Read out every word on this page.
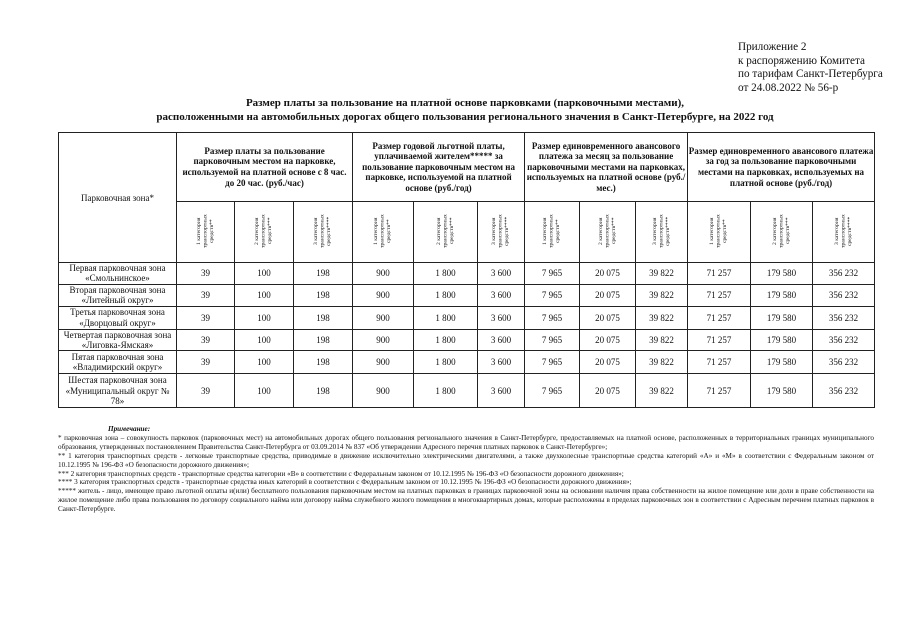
Приложение 2
к распоряжению Комитета
по тарифам Санкт-Петербурга
от 24.08.2022 № 56-р
Размер платы за пользование на платной основе парковками (парковочными местами),
расположенными на автомобильных дорогах общего пользования регионального значения в Санкт-Петербурге, на 2022 год
Парковочная зона*	Размер платы за пользование парковочным местом на парковке, используемой на платной основе с 8 час. до 20 час. (руб./час)			Размер годовой льготной платы, уплачиваемой жителем***** за пользование парковочным местом на парковке, используемой на платной основе (руб./год)			Размер единовременного авансового платежа за месяц за пользование парковочными местами на парковках, используемых на платной основе (руб./мес.)			Размер единовременного авансового платежа за год за пользование парковочными местами на парковках, используемых на платной основе (руб./год)		
	1 категория транспортных средств**	2 категория транспортных средств***	3 категория транспортных средств****	1 категория транспортных средств**	2 категория транспортных средств***	3 категория транспортных средств****	1 категория транспортных средств**	2 категория транспортных средств***	3 категория транспортных средств****	1 категория транспортных средств**	2 категория транспортных средств***	3 категория транспортных средств****
Первая парковочная зона «Смольнинское»	39	100	198	900	1 800	3 600	7 965	20 075	39 822	71 257	179 580	356 232
Вторая парковочная зона «Литейный округ»	39	100	198	900	1 800	3 600	7 965	20 075	39 822	71 257	179 580	356 232
Третья парковочная зона «Дворцовый округ»	39	100	198	900	1 800	3 600	7 965	20 075	39 822	71 257	179 580	356 232
Четвертая парковочная зона «Лиговка-Ямская»	39	100	198	900	1 800	3 600	7 965	20 075	39 822	71 257	179 580	356 232
Пятая парковочная зона «Владимирский округ»	39	100	198	900	1 800	3 600	7 965	20 075	39 822	71 257	179 580	356 232
Шестая парковочная зона «Муниципальный округ № 78»	39	100	198	900	1 800	3 600	7 965	20 075	39 822	71 257	179 580	356 232

Примечание:

* парковочная зона – совокупность парковок (парковочных мест) на автомобильных дорогах общего пользования регионального значения в Санкт-Петербурге, предоставляемых на платной основе, расположенных в территориальных границах муниципального образования, утвержденных постановлением Правительства Санкт-Петербурга от 03.09.2014 № 837 «Об утверждении Адресного перечня платных парковок в Санкт-Петербурге»;

** 1 категория транспортных средств - легковые транспортные средства, приводимые в движение исключительно электрическими двигателями, а также двухколесные транспортные средства категорий «А» и «М» в соответствии с Федеральным законом от 10.12.1995 № 196-ФЗ «О безопасности дорожного движения»;

*** 2 категория транспортных средств - транспортные средства категории «B» в соответствии с Федеральным законом от 10.12.1995 № 196-ФЗ «О безопасности дорожного движения»;

**** 3 категория транспортных средств - транспортные средства иных категорий в соответствии с Федеральным законом от 10.12.1995 № 196-ФЗ «О безопасности дорожного движения»;

***** житель - лицо, имеющее право льготной оплаты и(или) бесплатного пользования парковочным местом на платных парковках в границах парковочной зоны на основании наличия права собственности на жилое помещение или доли в праве собственности на жилое помещение либо права пользования по договору социального найма или договору найма служебного жилого помещения в многоквартирных домах, которые расположены в пределах парковочных зон в соответствии с Адресным перечнем платных парковок в Санкт-Петербурге.
